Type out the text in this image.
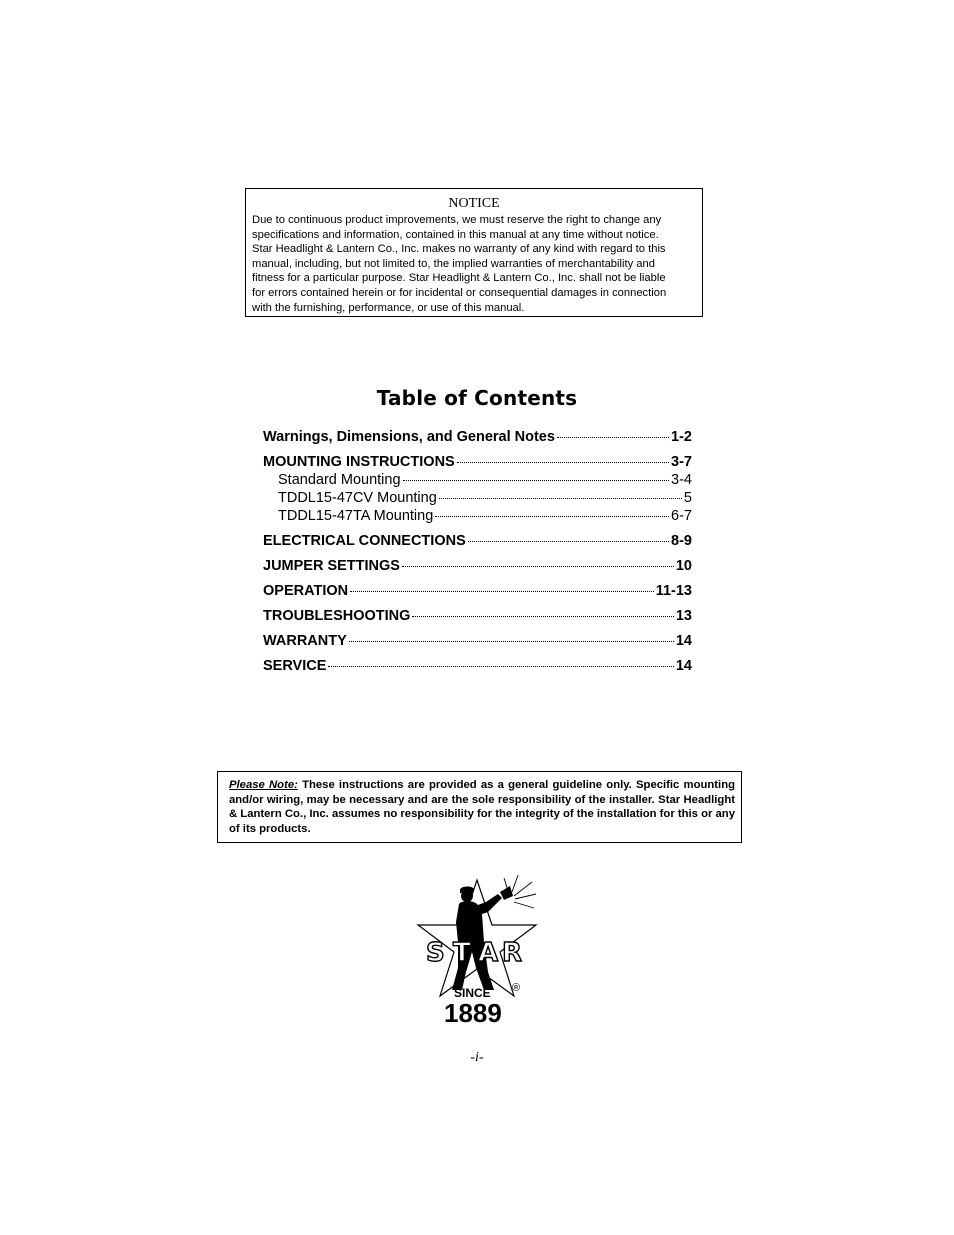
NOTICE
Due to continuous product improvements, we must reserve the right to change any
specifications and information, contained in this manual at any time without notice.
Star Headlight & Lantern Co., Inc. makes no warranty of any kind with regard to this
manual, including, but not limited to, the implied warranties of merchantability and
fitness for a particular purpose. Star Headlight & Lantern Co., Inc. shall not be liable
for errors contained herein or for incidental or consequential damages in connection
with the furnishing, performance, or use of this manual.
Table of Contents
Warnings, Dimensions, and General Notes	1-2
MOUNTING INSTRUCTIONS	3-7
Standard Mounting	3-4
TDDL15-47CV Mounting	5
TDDL15-47TA Mounting	6-7
ELECTRICAL CONNECTIONS	8-9
JUMPER SETTINGS	10
OPERATION	11-13
TROUBLESHOOTING	13
WARRANTY	14
SERVICE	14
Please Note: These instructions are provided as a general guideline only. Specific mounting and/or wiring, may be necessary and are the sole responsibility of the installer. Star Headlight & Lantern Co., Inc. assumes no responsibility for the integrity of the installation for this or any of its products.
S T A R
SINCE ®
1889
-i-
